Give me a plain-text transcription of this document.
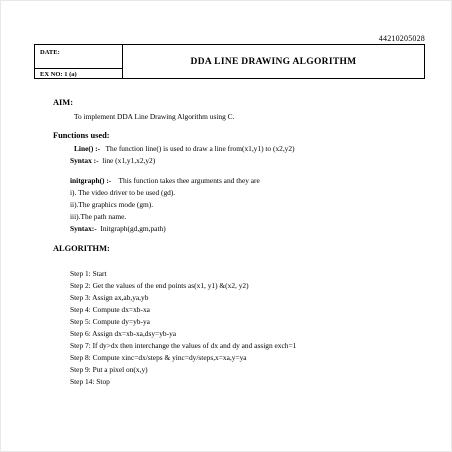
44210205028
DATE:
EX NO: 1 (a)
DDA LINE DRAWING ALGORITHM
AIM:
To implement DDA Line Drawing Algorithm using C.
Functions used:
Line() :- The function line() is used to draw a line from(x1,y1) to (x2,y2)
Syntax :- line (x1,y1,x2,y2)
initgraph() :- This function takes thee arguments and they are
i). The video driver to be used (gd).
ii).The graphics mode (gm).
iii).The path name.
Syntax:- Initgraph(gd,gm,path)
ALGORITHM:
Step 1: Start
Step 2: Get the values of the end points as(x1, y1) &(x2, y2)
Step 3: Assign ax,ab,ya,yb
Step 4: Compute dx=xb-xa
Step 5: Compute dy=yb-ya
Step 6: Assign dx=xb-xa,dsy=yb-ya
Step 7: If dy>dx then interchange the values of dx and dy and assign exch=1
Step 8: Compute xinc=dx/steps & yinc=dy/steps,x=xa,y=ya
Step 9: Put a pixel on(x,y)
Step 14: Stop
